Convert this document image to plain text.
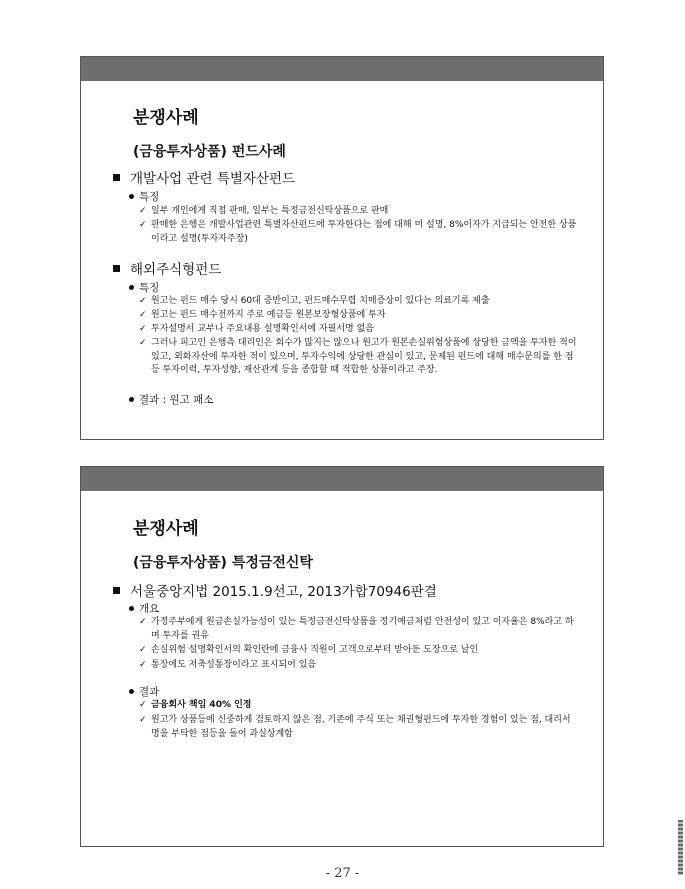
분쟁사례
(금융투자상품) 펀드사례
개발사업 관련 특별자산펀드
특징
✓ 일부 개인에게 직접 판매, 일부는 특정금전신탁상품으로 판매
✓ 판매한 은행은 개발사업관련 특별자산펀드에 투자한다는 점에 대해 미 설명, 8%이자가 지급되는 안전한 상품이라고 설명(투자자주장)
해외주식형펀드
특징
✓ 원고는 펀드 매수 당시 60대 중반이고, 펀드매수무렵 치매증상이 있다는 의료기록 제출
✓ 원고는 펀드 매수전까지 주로 예금등 원본보장형상품에 투자
✓ 투자설명서 교부나 주요내용 설명확인서에 자필서명 없음
✓ 그러나 피고인 은행측 대리인은 회수가 많지는 않으나 원고가 원본손실위험상품에 상당한 금액을 투자한 적이 있고, 외화자산에 투자한 적이 있으며, 투자수익에 상당한 관심이 있고, 문제된 펀드에 대해 매수문의를 한 점 등 투자이력, 투자성향, 재산관계 등을 종합할 때 적합한 상품이라고 주장.
결과 : 원고 패소
분쟁사례
(금융투자상품) 특정금전신탁
서울중앙지법 2015.1.9선고, 2013가합70946판결
개요
✓ 가정주부에게 원금손실가능성이 있는 특정금전신탁상품을 정기예금처럼 안전성이 있고 이자율은 8%라고 하며 투자를 권유
✓ 손실위험 설명확인서의 확인란에 금융사 직원이 고객으로부터 받아둔 도장으로 날인
✓ 통장에도 저축성통장이라고 표시되어 있음
결과
✓ 금융회사 책임 40% 인정
✓ 원고가 상품등에 신중하게 검토하지 않은 점, 기존에 주식 또는 채권형펀드에 투자한 경험이 있는 점, 대리서명을 부탁한 점등을 들어 과실상계함
- 27 -
